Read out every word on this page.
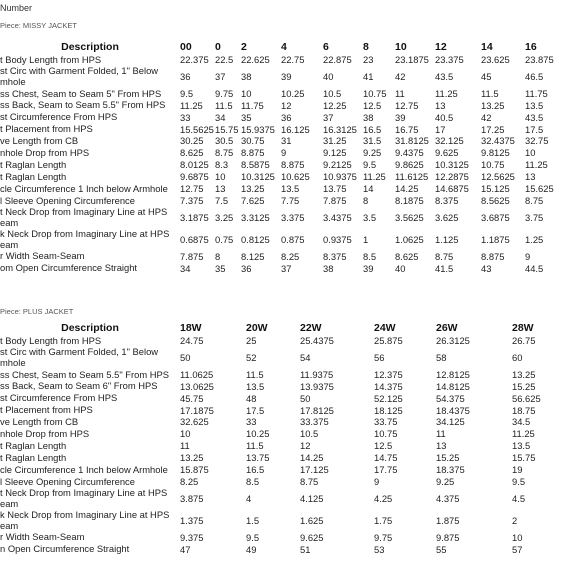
Number
Piece: MISSY JACKET
Description	00	0	2	4	6	8	10	12	14	16
t Body Length from HPS	22.375	22.5	22.625	22.75	22.875	23	23.1875	23.375	23.625	23.875
st Circ with Garment Folded, 1" Below mhole	36	37	38	39	40	41	42	43.5	45	46.5
ss Chest, Seam to Seam 5" From HPS	9.5	9.75	10	10.25	10.5	10.75	11	11.25	11.5	11.75
ss Back, Seam to Seam 5.5" From HPS	11.25	11.5	11.75	12	12.25	12.5	12.75	13	13.25	13.5
st Circumference From HPS	33	34	35	36	37	38	39	40.5	42	43.5
t Placement from HPS	15.5625	15.75	15.9375	16.125	16.3125	16.5	16.75	17	17.25	17.5
ve Length from CB	30.25	30.5	30.75	31	31.25	31.5	31.8125	32.125	32.4375	32.75
nhole Drop from HPS	8.625	8.75	8.875	9	9.125	9.25	9.4375	9.625	9.8125	10
t Raglan Length	8.0125	8.3	8.5875	8.875	9.2125	9.5	9.8625	10.3125	10.75	11.25
t Raglan Length	9.6875	10	10.3125	10.625	10.9375	11.25	11.6125	12.2875	12.5625	13
cle Circumference 1 Inch below Armhole	12.75	13	13.25	13.5	13.75	14	14.25	14.6875	15.125	15.625
l Sleeve Opening Circumference	7.375	7.5	7.625	7.75	7.875	8	8.1875	8.375	8.5625	8.75
t Neck Drop from Imaginary Line at HPS eam	3.1875	3.25	3.3125	3.375	3.4375	3.5	3.5625	3.625	3.6875	3.75
k Neck Drop from Imaginary Line at HPS eam	0.6875	0.75	0.8125	0.875	0.9375	1	1.0625	1.125	1.1875	1.25
r Width Seam-Seam	7.875	8	8.125	8.25	8.375	8.5	8.625	8.75	8.875	9
om Open Circumference Straight	34	35	36	37	38	39	40	41.5	43	44.5
Piece: PLUS JACKET
Description	18W		20W	22W		24W	26W		28W
t Body Length from HPS	24.75		25	25.4375		25.875	26.3125		26.75
st Circ with Garment Folded, 1" Below mhole	50		52	54		56	58		60
ss Chest, Seam to Seam 5.5" From HPS	11.0625		11.5	11.9375		12.375	12.8125		13.25
ss Back, Seam to Seam 6" From HPS	13.0625		13.5	13.9375		14.375	14.8125		15.25
st Circumference From HPS	45.75		48	50		52.125	54.375		56.625
t Placement from HPS	17.1875		17.5	17.8125		18.125	18.4375		18.75
ve Length from CB	32.625		33	33.375		33.75	34.125		34.5
nhole Drop from HPS	10		10.25	10.5		10.75	11		11.25
t Raglan Length	11		11.5	12		12.5	13		13.5
t Raglan Length	13.25		13.75	14.25		14.75	15.25		15.75
cle Circumference 1 Inch below Armhole	15.875		16.5	17.125		17.75	18.375		19
l Sleeve Opening Circumference	8.25		8.5	8.75		9	9.25		9.5
t Neck Drop from Imaginary Line at HPS eam	3.875		4	4.125		4.25	4.375		4.5
k Neck Drop from Imaginary Line at HPS eam	1.375		1.5	1.625		1.75	1.875		2
r Width Seam-Seam	9.375		9.5	9.625		9.75	9.875		10
n Open Circumference Straight	47		49	51		53	55		57
